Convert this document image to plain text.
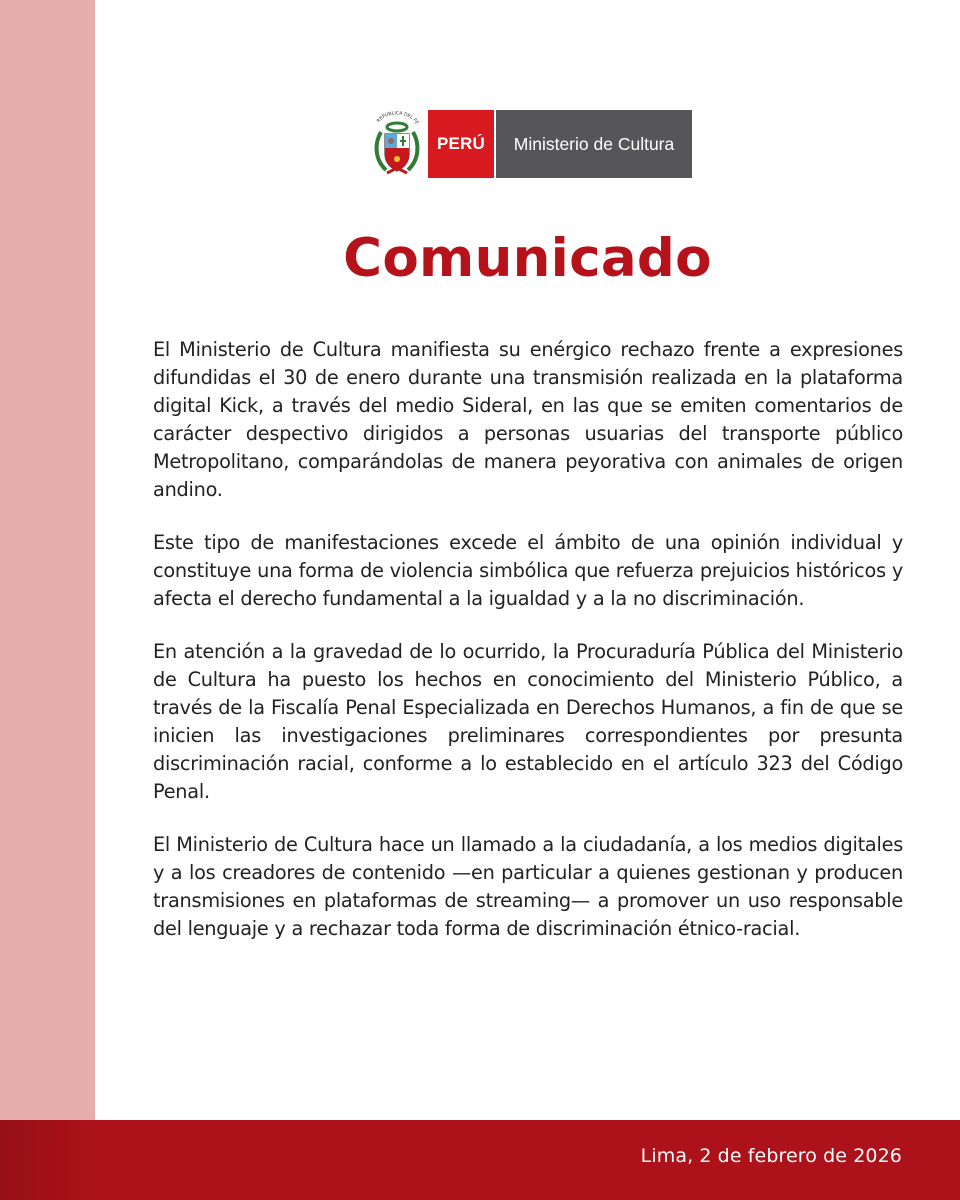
REPÚBLICA DEL PE
PERÚ	Ministerio de Cultura
Comunicado

El Ministerio de Cultura manifiesta su enérgico rechazo frente a expresiones difundidas el 30 de enero durante una transmisión realizada en la plataforma digital Kick, a través del medio Sideral, en las que se emiten comentarios de carácter despectivo dirigidos a personas usuarias del transporte público Metropolitano, comparándolas de manera peyorativa con animales de origen andino.

Este tipo de manifestaciones excede el ámbito de una opinión individual y constituye una forma de violencia simbólica que refuerza prejuicios históricos y afecta el derecho fundamental a la igualdad y a la no discriminación.

En atención a la gravedad de lo ocurrido, la Procuraduría Pública del Ministerio de Cultura ha puesto los hechos en conocimiento del Ministerio Público, a través de la Fiscalía Penal Especializada en Derechos Humanos, a fin de que se inicien las investigaciones preliminares correspondientes por presunta discriminación racial, conforme a lo establecido en el artículo 323 del Código Penal.

El Ministerio de Cultura hace un llamado a la ciudadanía, a los medios digitales y a los creadores de contenido —en particular a quienes gestionan y producen transmisiones en plataformas de streaming— a promover un uso responsable del lenguaje y a rechazar toda forma de discriminación étnico-racial.

Lima, 2 de febrero de 2026
